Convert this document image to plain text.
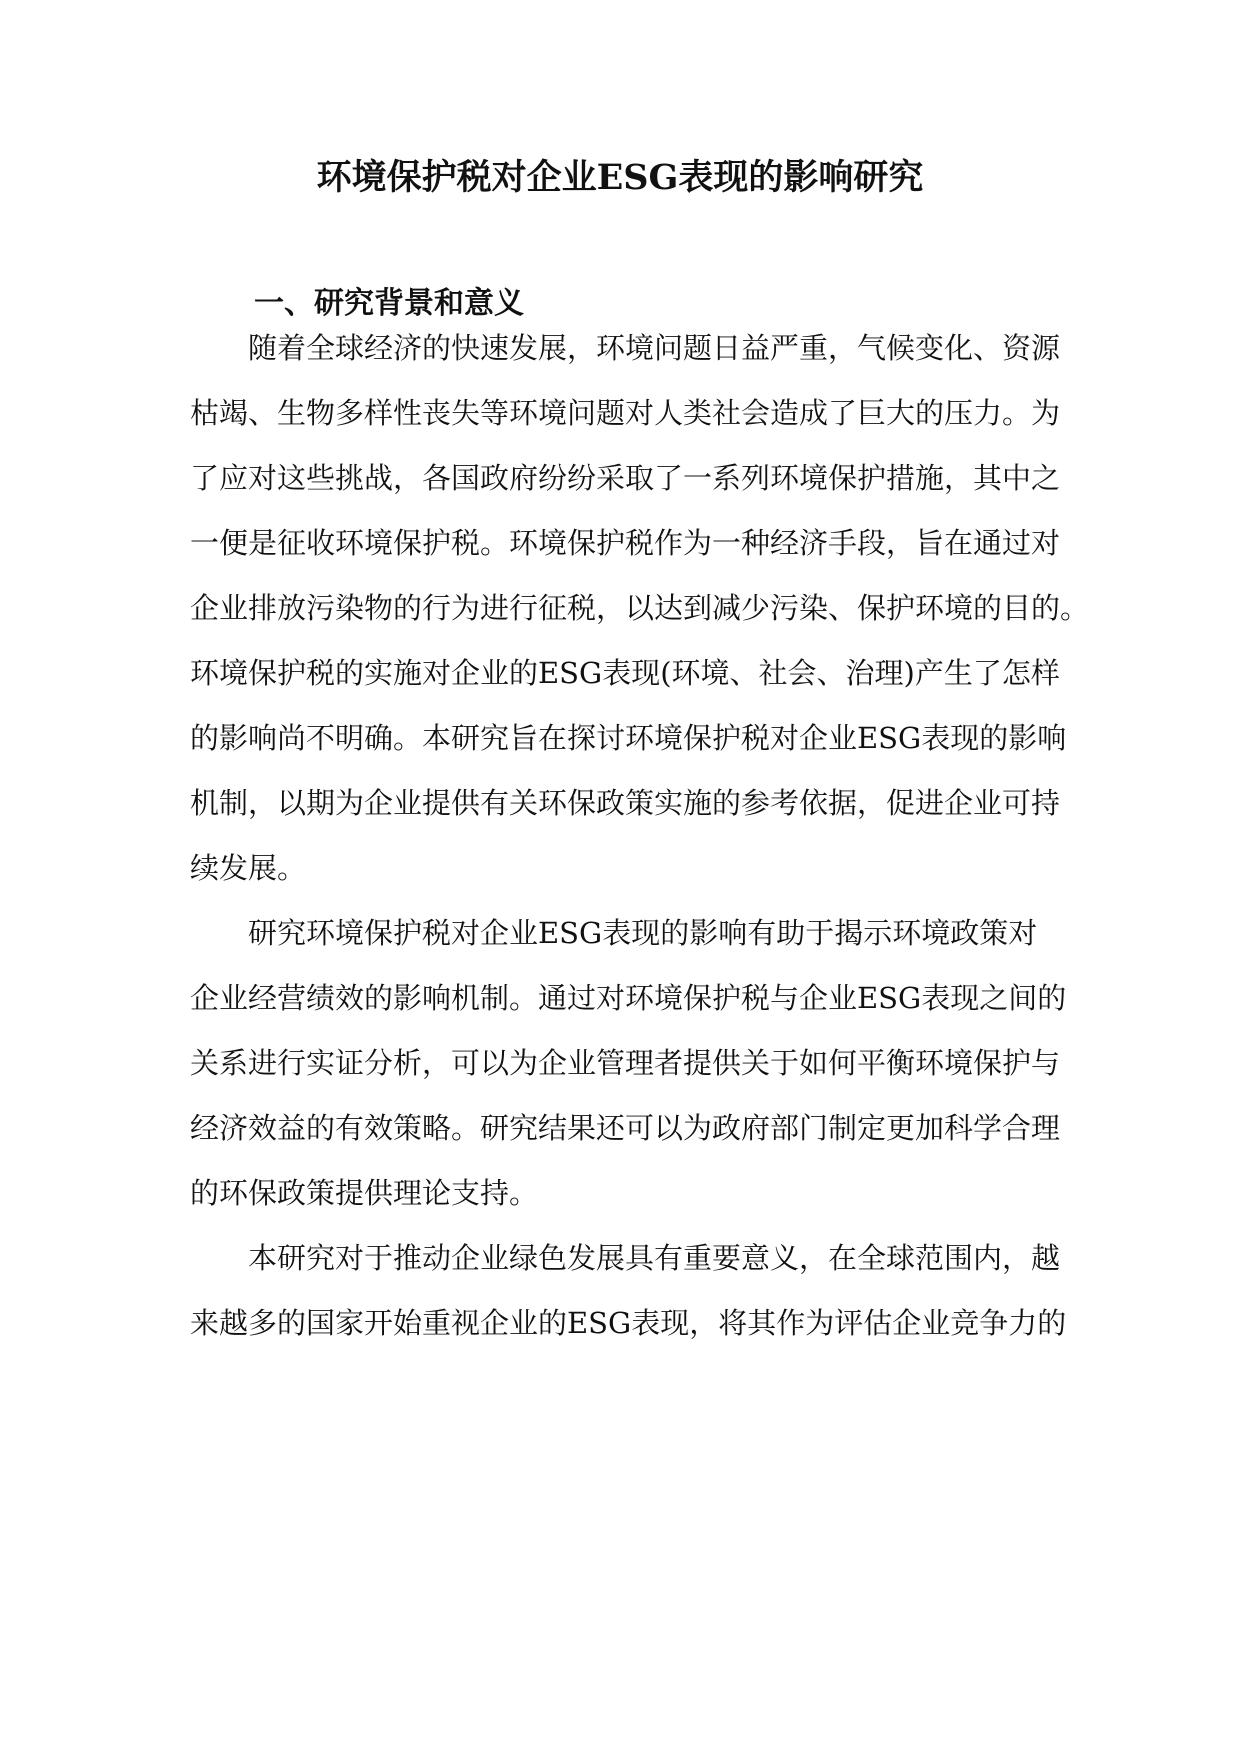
环境保护税对企业ESG表现的影响研究
一、研究背景和意义

随着全球经济的快速发展，环境问题日益严重，气候变化、资源

枯竭、生物多样性丧失等环境问题对人类社会造成了巨大的压力。为

了应对这些挑战，各国政府纷纷采取了一系列环境保护措施，其中之

一便是征收环境保护税。环境保护税作为一种经济手段，旨在通过对

企业排放污染物的行为进行征税，以达到减少污染、保护环境的目的。

环境保护税的实施对企业的ESG表现(环境、社会、治理)产生了怎样

的影响尚不明确。本研究旨在探讨环境保护税对企业ESG表现的影响

机制，以期为企业提供有关环保政策实施的参考依据，促进企业可持

续发展。

研究环境保护税对企业ESG表现的影响有助于揭示环境政策对

企业经营绩效的影响机制。通过对环境保护税与企业ESG表现之间的

关系进行实证分析，可以为企业管理者提供关于如何平衡环境保护与

经济效益的有效策略。研究结果还可以为政府部门制定更加科学合理

的环保政策提供理论支持。

本研究对于推动企业绿色发展具有重要意义，在全球范围内，越

来越多的国家开始重视企业的ESG表现，将其作为评估企业竞争力的
